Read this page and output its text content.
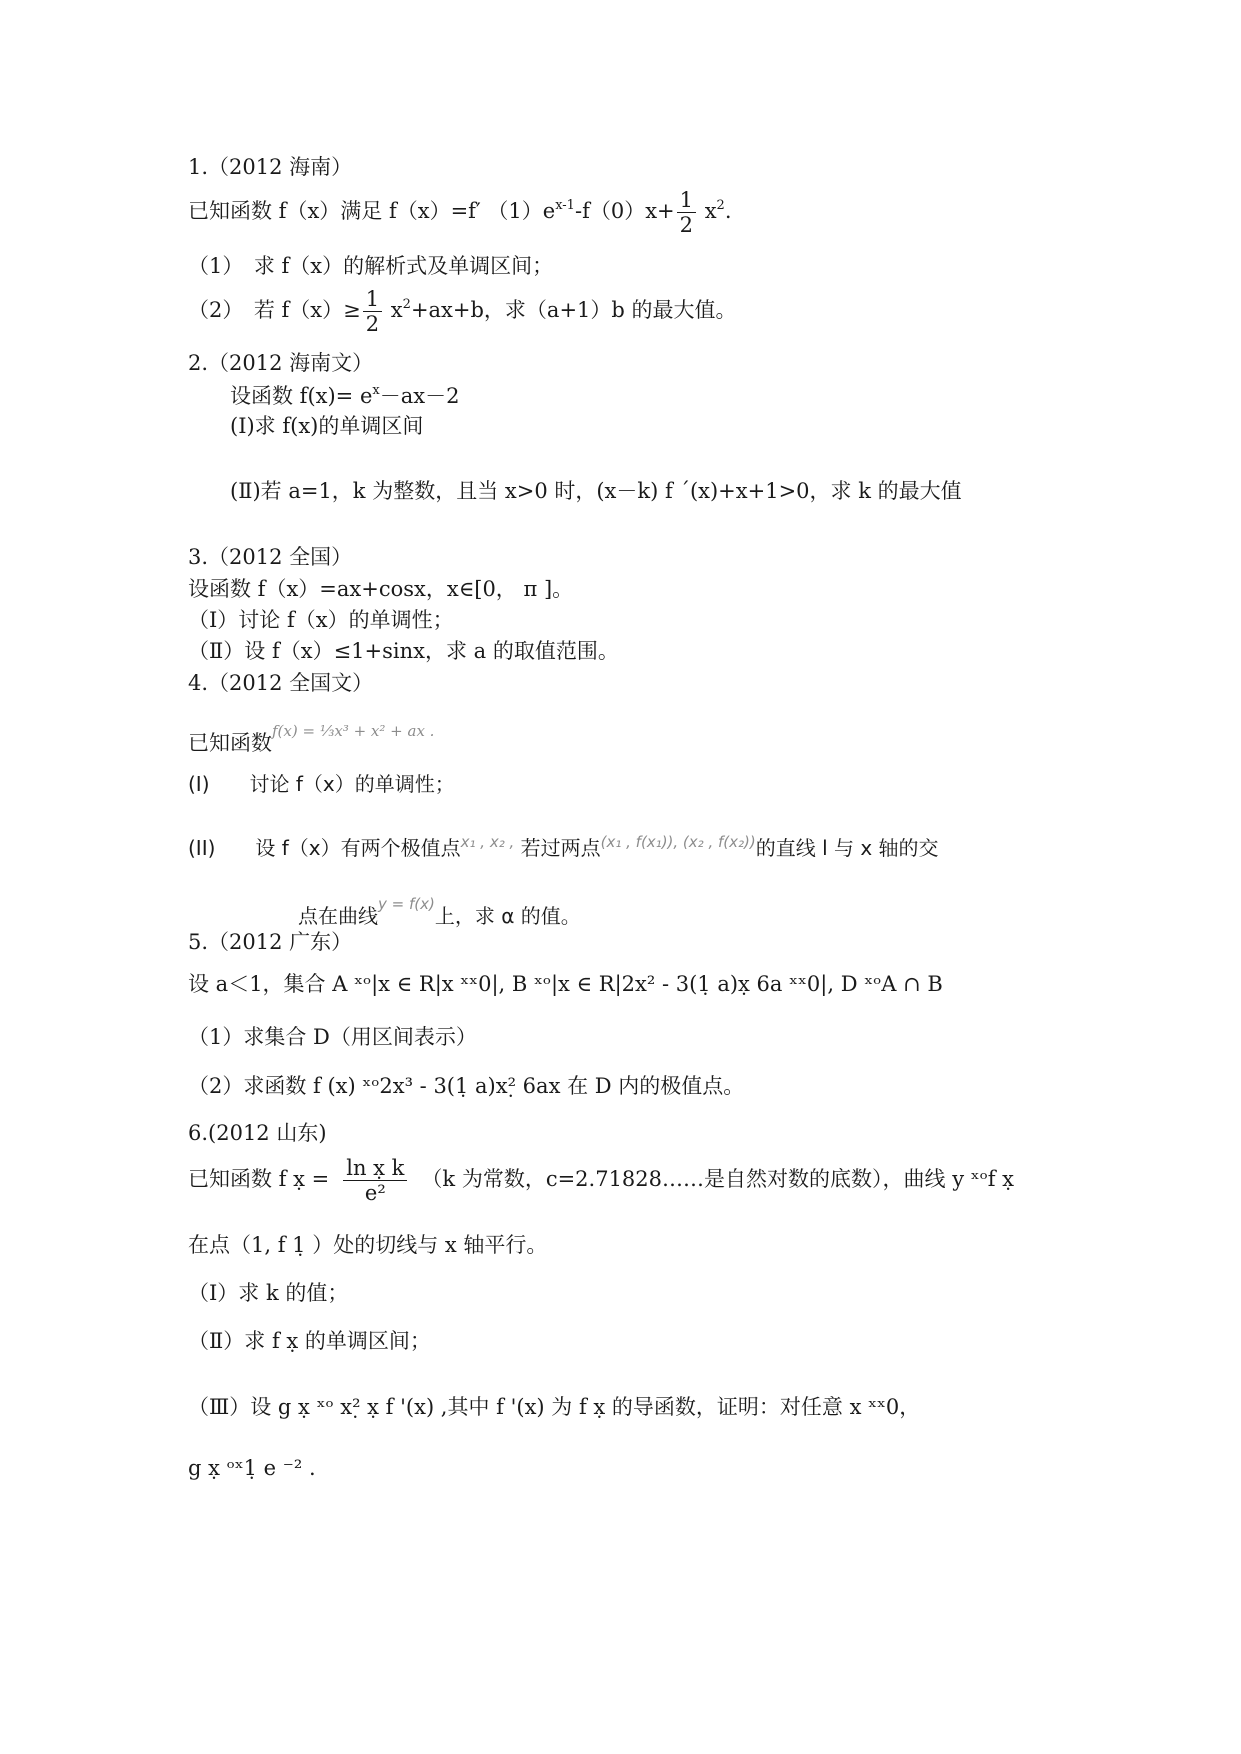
1.（2012 海南）
已知函数 f（x）满足 f（x）=f′ $(1)e^{x-1}-f(0)x+ \frac{1}{2} x^2$.
（1）　求 f（x）的解析式及单调区间；
（2）　若 $f(x)\ge \frac{1}{2} x^2+ax+b$，求（a+1）b 的最大值。
2.（2012 海南文）
设函数 $f(x)= e^x-ax-2$
(Ⅰ)求 f(x)的单调区间
(Ⅱ)若 a=1，k 为整数，且当 x>0 时，(x－k) f ´(x)+x+1>0，求 k 的最大值
3.（2012 全国）
设函数 f（x）=ax+cosx，x∈[0， π ]。
（Ⅰ）讨论 f（x）的单调性；
（Ⅱ）设 f（x）≤1+sinx，求 a 的取值范围。
4.（2012 全国文）
已知函数f(x) = ⅓x³ + x² + ax .
(I)　　讨论 f（x）的单调性；
(II)　　设 f（x）有两个极值点x₁ , x₂ , 若过两点(x₁ , f(x₁)), (x₂ , f(x₂))的直线 l 与 x 轴的交
点在曲线y = f(x)上，求 α 的值。
5.（2012 广东）
设 a＜1，集合 A ˣᵒ|x ∈ R|x ˣˣ0|, B ˣᵒ|x ∈ R|2x² - 3(1̣ a)x̣ 6a ˣˣ0|, D ˣᵒA ∩ B
（1）求集合 D（用区间表示）
（2）求函数 f (x) ˣᵒ2x³ - 3(1̣ a)x²̣ 6ax 在 D 内的极值点。
6.(2012 山东)
已知函数 f x̣ = $\frac{\text{ln x̣ k}}{\text{e²}} (k$ 为常数，c=2.71828……是自然对数的底数），曲线 y ˣᵒf x̣
在点（1, f 1̣ ）处的切线与 x 轴平行。
（Ⅰ）求 k 的值；
（Ⅱ）求 f x̣ 的单调区间；
（Ⅲ）设 g x̣ ˣᵒ x²̣ x̣ f '(x) ,其中 f '(x) 为 f x̣ 的导函数，证明：对任意 x ˣˣ0，
g x̣ ᵒˣ1̣ e ⁻² .
